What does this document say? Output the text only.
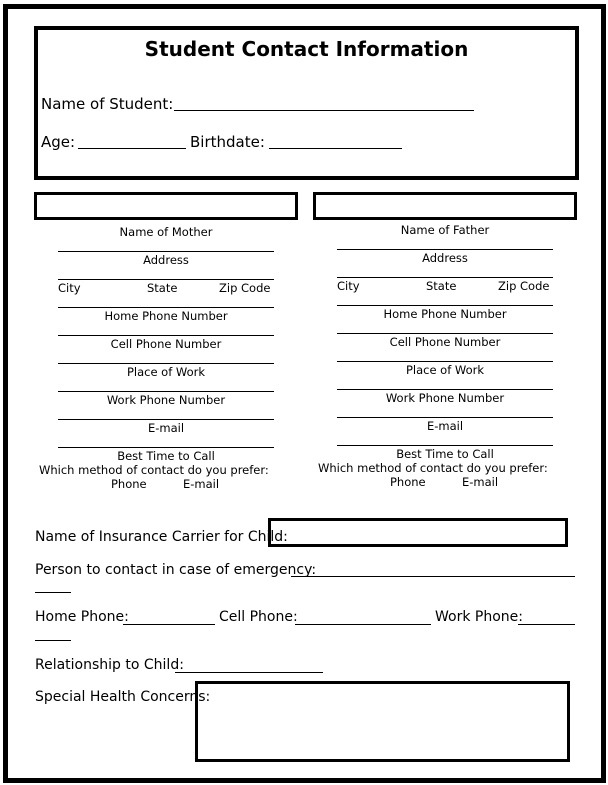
Student Contact Information
Name of Student:
Age:	Birthdate:
Name of Mother
Address
City	State	Zip Code
Home Phone Number
Cell Phone Number
Place of Work
Work Phone Number
E-mail
Best Time to Call
Which method of contact do you prefer:
Phone	E-mail
Name of Father
Address
City	State	Zip Code
Home Phone Number
Cell Phone Number
Place of Work
Work Phone Number
E-mail
Best Time to Call
Which method of contact do you prefer:
Phone	E-mail
Name of Insurance Carrier for Child:
Person to contact in case of emergency:
Home Phone:	Cell Phone:	Work Phone:
Relationship to Child:
Special Health Concerns:
